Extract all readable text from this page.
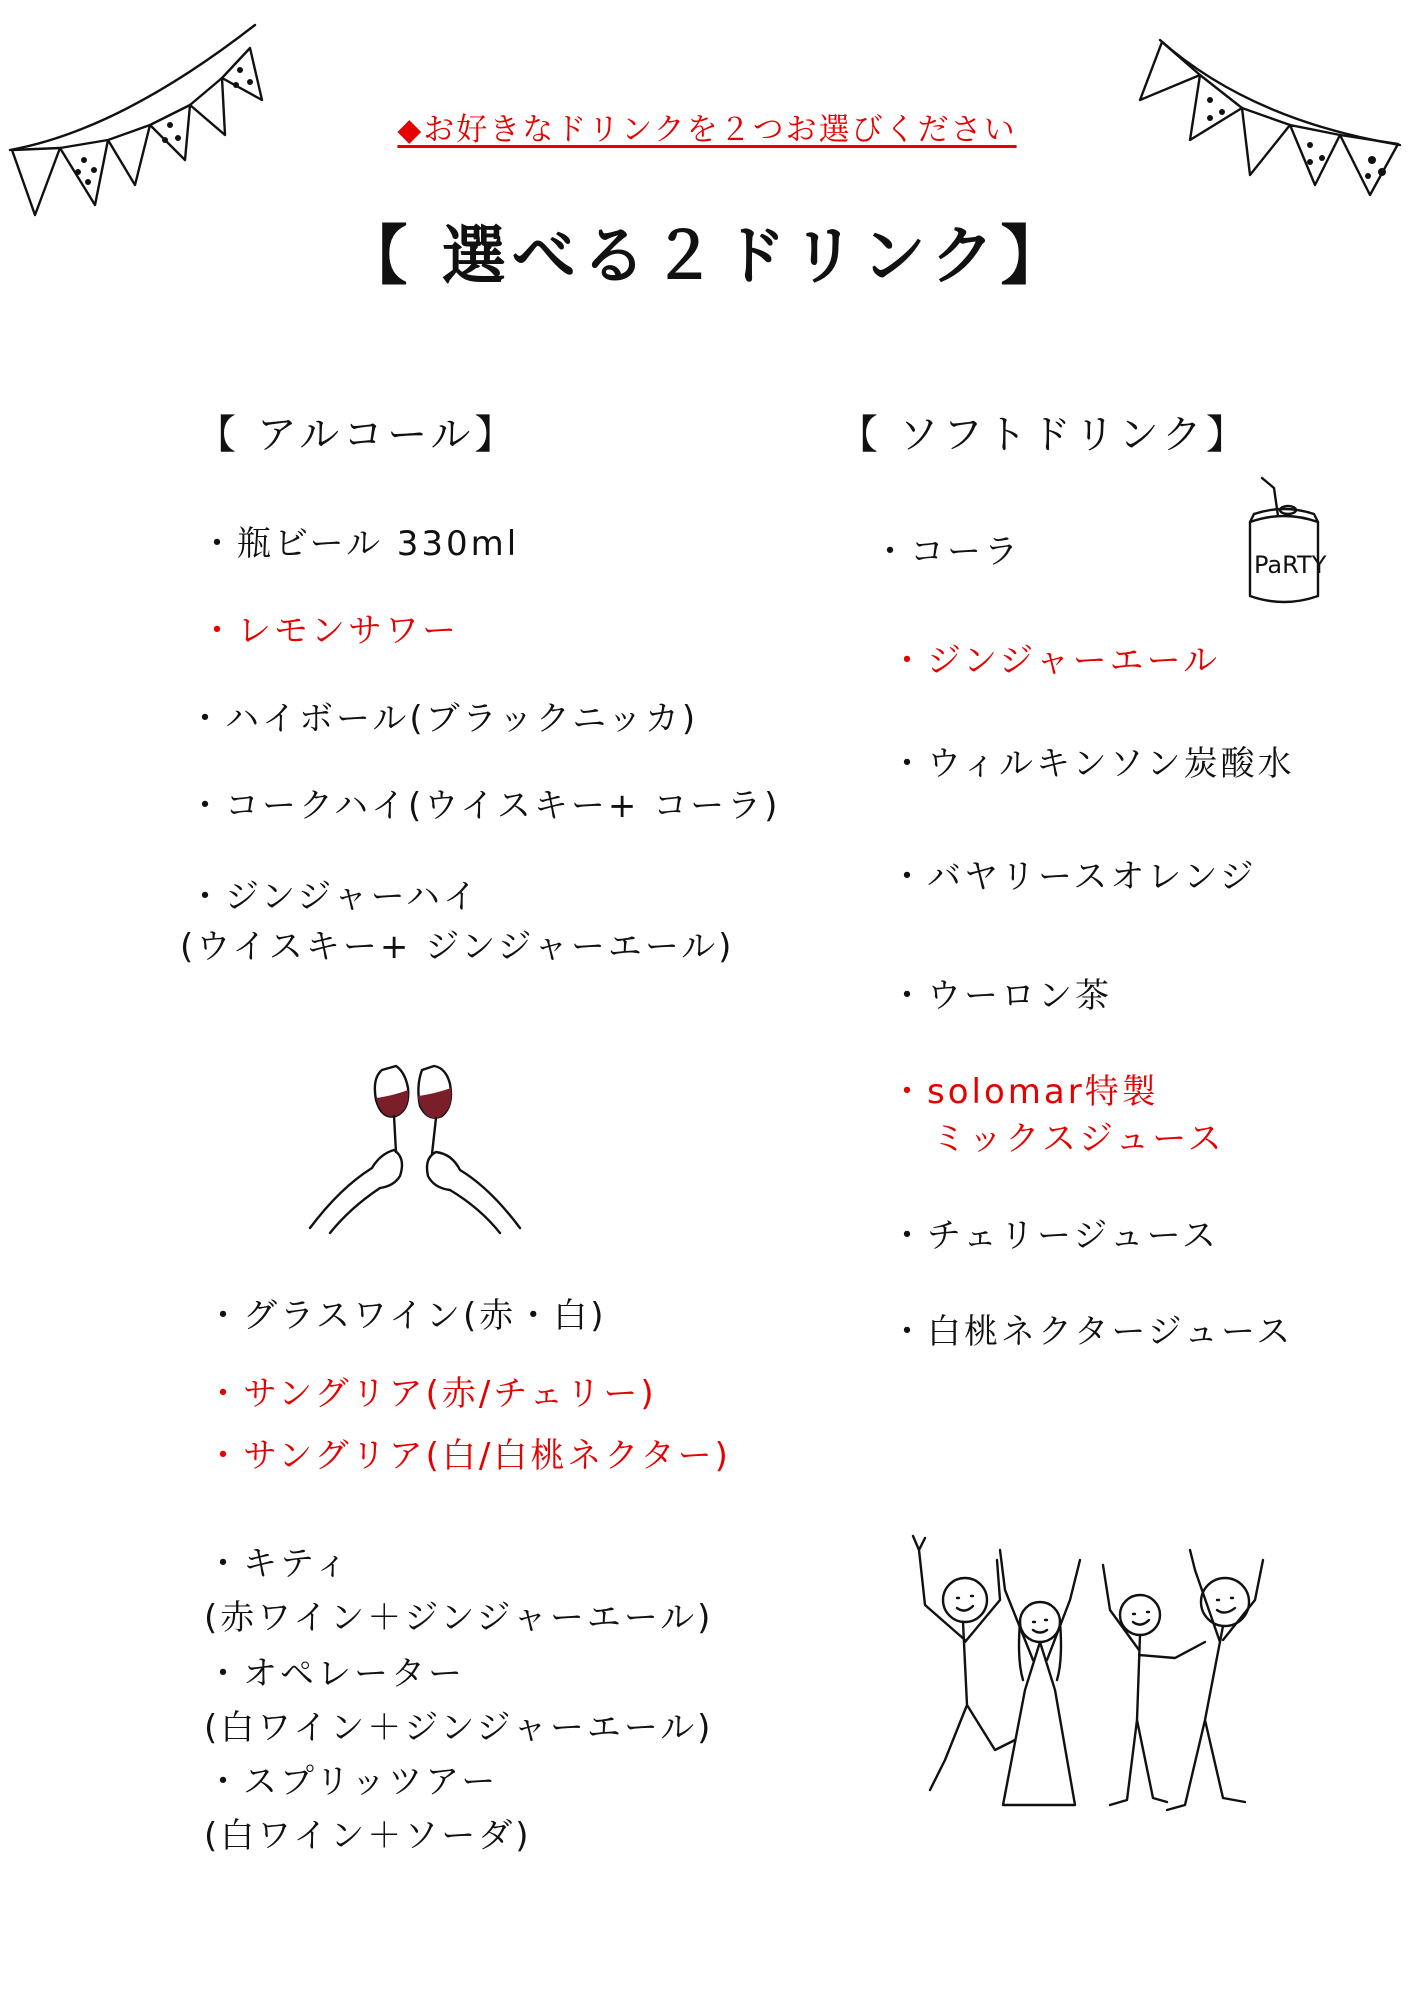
◆お好きなドリンクを２つお選びください
【 選べる２ドリンク】
【 アルコール】
・瓶ビール 330ml
・レモンサワー
・ハイボール(ブラックニッカ)
・コークハイ(ウイスキー+ コーラ)
・ジンジャーハイ
(ウイスキー+ ジンジャーエール)
・グラスワイン(赤・白)
・サングリア(赤/チェリー)
・サングリア(白/白桃ネクター)
・キティ
(赤ワイン＋ジンジャーエール)
・オペレーター
(白ワイン＋ジンジャーエール)
・スプリッツアー
(白ワイン＋ソーダ)
【 ソフトドリンク】
PaRTY
・コーラ
・ジンジャーエール
・ウィルキンソン炭酸水
・バヤリースオレンジ
・ウーロン茶
・solomar特製
ミックスジュース
・チェリージュース
・白桃ネクタージュース
